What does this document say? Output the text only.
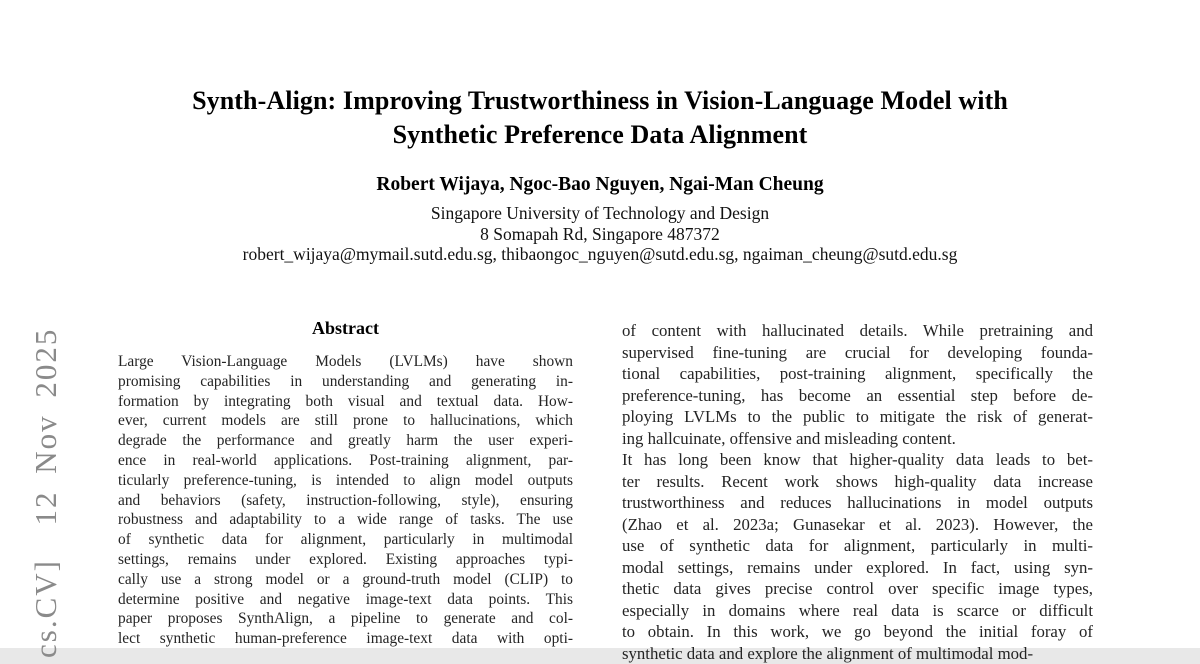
cs.CV]  12 Nov 2025
Synth-Align: Improving Trustworthiness in Vision-Language Model with
Synthetic Preference Data Alignment
Robert Wijaya, Ngoc-Bao Nguyen, Ngai-Man Cheung
Singapore University of Technology and Design
8 Somapah Rd, Singapore 487372
robert_wijaya@mymail.sutd.edu.sg, thibaongoc_nguyen@sutd.edu.sg, ngaiman_cheung@sutd.edu.sg
Abstract
Large Vision-Language Models (LVLMs) have shown
promising capabilities in understanding and generating in-
formation by integrating both visual and textual data. How-
ever, current models are still prone to hallucinations, which
degrade the performance and greatly harm the user experi-
ence in real-world applications. Post-training alignment, par-
ticularly preference-tuning, is intended to align model outputs
and behaviors (safety, instruction-following, style), ensuring
robustness and adaptability to a wide range of tasks. The use
of synthetic data for alignment, particularly in multimodal
settings, remains under explored. Existing approaches typi-
cally use a strong model or a ground-truth model (CLIP) to
determine positive and negative image-text data points. This
paper proposes SynthAlign, a pipeline to generate and col-
lect synthetic human-preference image-text data with opti-
of content with hallucinated details. While pretraining and
supervised fine-tuning are crucial for developing founda-
tional capabilities, post-training alignment, specifically the
preference-tuning, has become an essential step before de-
ploying LVLMs to the public to mitigate the risk of generat-
ing hallcuinate, offensive and misleading content.
It has long been know that higher-quality data leads to bet-
ter results. Recent work shows high-quality data increase
trustworthiness and reduces hallucinations in model outputs
(Zhao et al. 2023a; Gunasekar et al. 2023). However, the
use of synthetic data for alignment, particularly in multi-
modal settings, remains under explored. In fact, using syn-
thetic data gives precise control over specific image types,
especially in domains where real data is scarce or difficult
to obtain. In this work, we go beyond the initial foray of
synthetic data and explore the alignment of multimodal mod-
